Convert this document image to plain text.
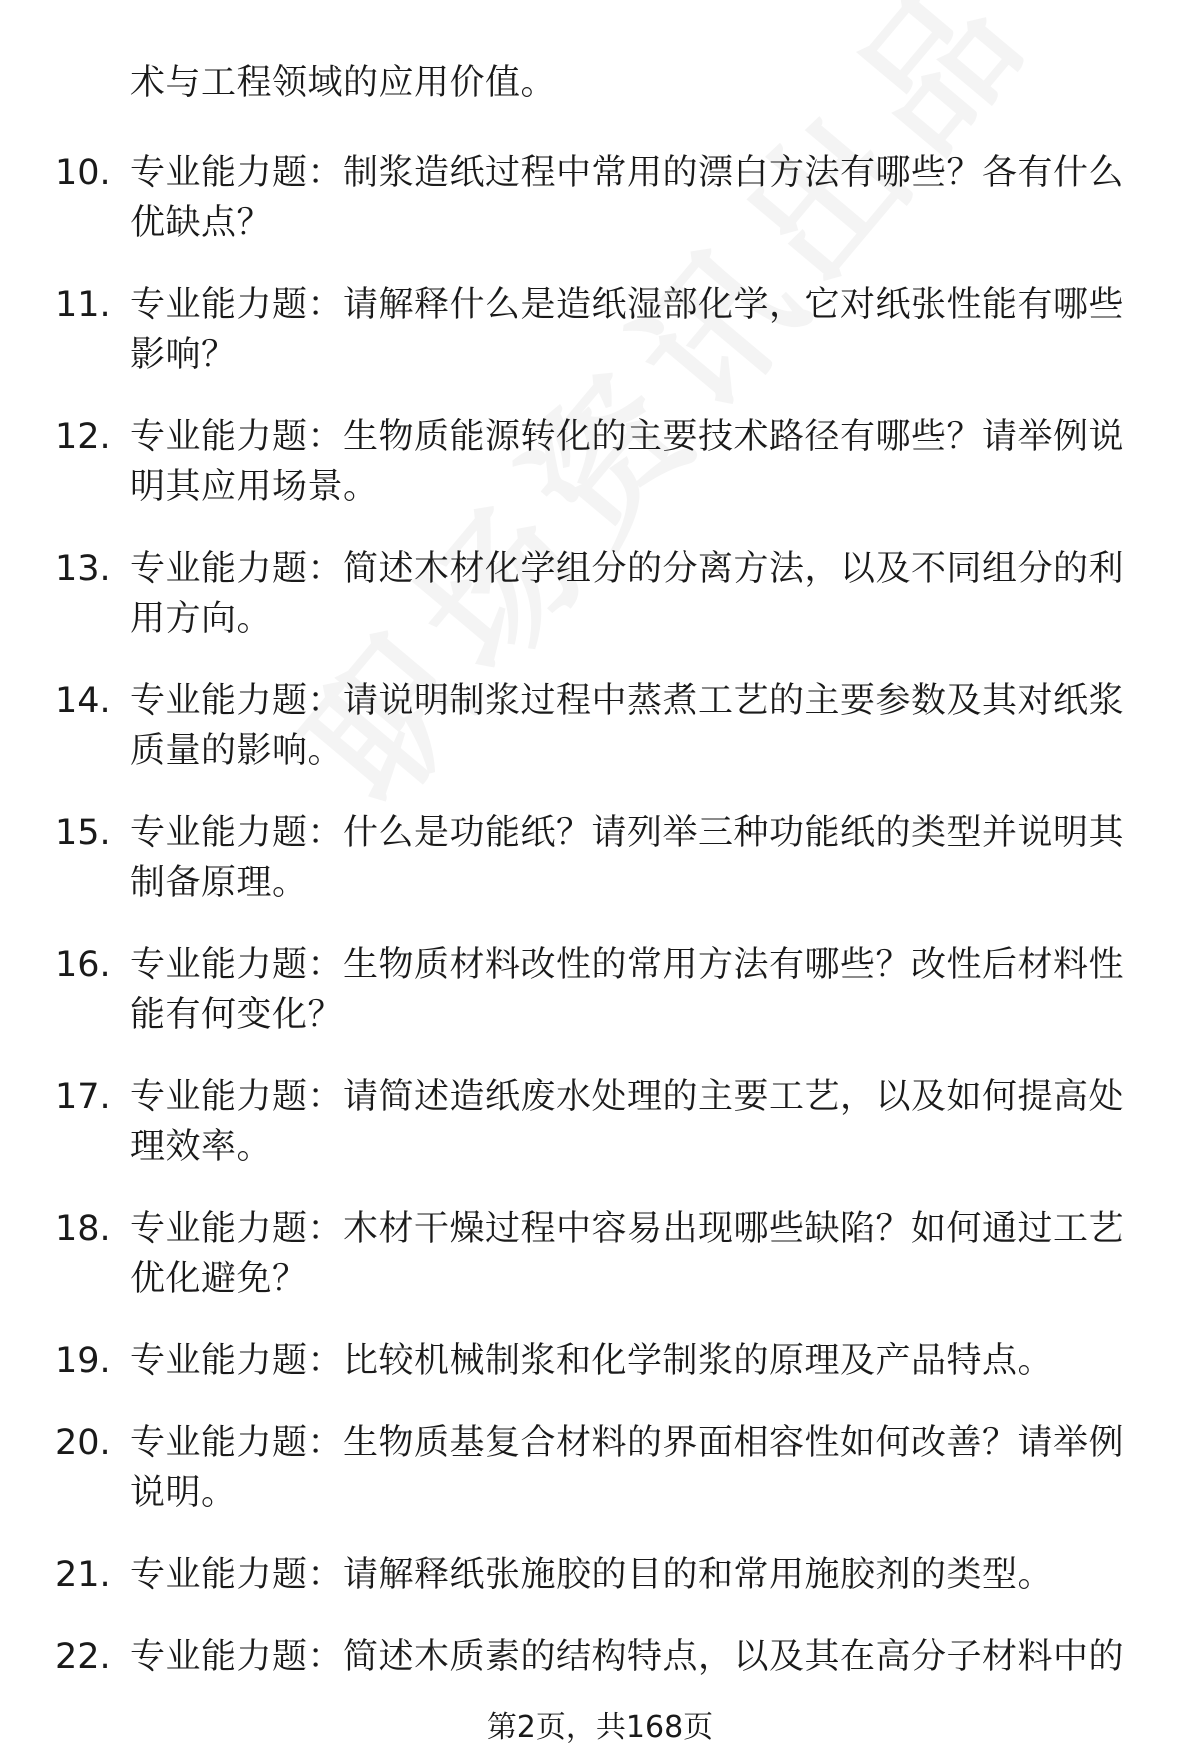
术与工程领域的应用价值。
10. 专业能力题：制浆造纸过程中常用的漂白方法有哪些？各有什么优缺点？
11. 专业能力题：请解释什么是造纸湿部化学，它对纸张性能有哪些影响？
12. 专业能力题：生物质能源转化的主要技术路径有哪些？请举例说明其应用场景。
13. 专业能力题：简述木材化学组分的分离方法，以及不同组分的利用方向。
14. 专业能力题：请说明制浆过程中蒸煮工艺的主要参数及其对纸浆质量的影响。
15. 专业能力题：什么是功能纸？请列举三种功能纸的类型并说明其制备原理。
16. 专业能力题：生物质材料改性的常用方法有哪些？改性后材料性能有何变化？
17. 专业能力题：请简述造纸废水处理的主要工艺，以及如何提高处理效率。
18. 专业能力题：木材干燥过程中容易出现哪些缺陷？如何通过工艺优化避免？
19. 专业能力题：比较机械制浆和化学制浆的原理及产品特点。
20. 专业能力题：生物质基复合材料的界面相容性如何改善？请举例说明。
21. 专业能力题：请解释纸张施胶的目的和常用施胶剂的类型。
22. 专业能力题：简述木质素的结构特点，以及其在高分子材料中的
第2页，共168页
